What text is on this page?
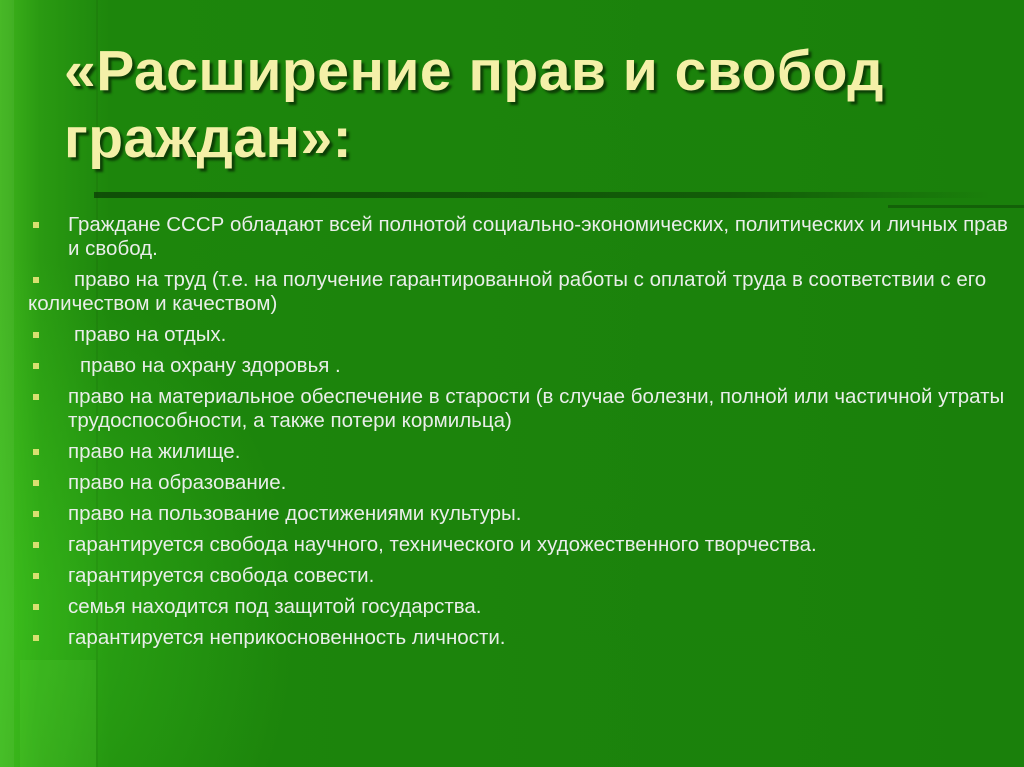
«Расширение прав и свобод граждан»:
Граждане СССР обладают всей полнотой социально-экономических, политических и личных прав и свобод.
право на труд (т.е. на получение гарантированной работы с оплатой труда в соответствии с его количеством и качеством)
право на отдых.
право на охрану здоровья .
право на материальное обеспечение в старости (в случае болезни, полной или частичной утраты трудоспособности, а также потери кормильца)
право на жилище.
право на образование.
право на пользование достижениями культуры.
гарантируется свобода научного, технического и художественного творчества.
гарантируется свобода совести.
семья находится под защитой государства.
гарантируется неприкосновенность личности.
